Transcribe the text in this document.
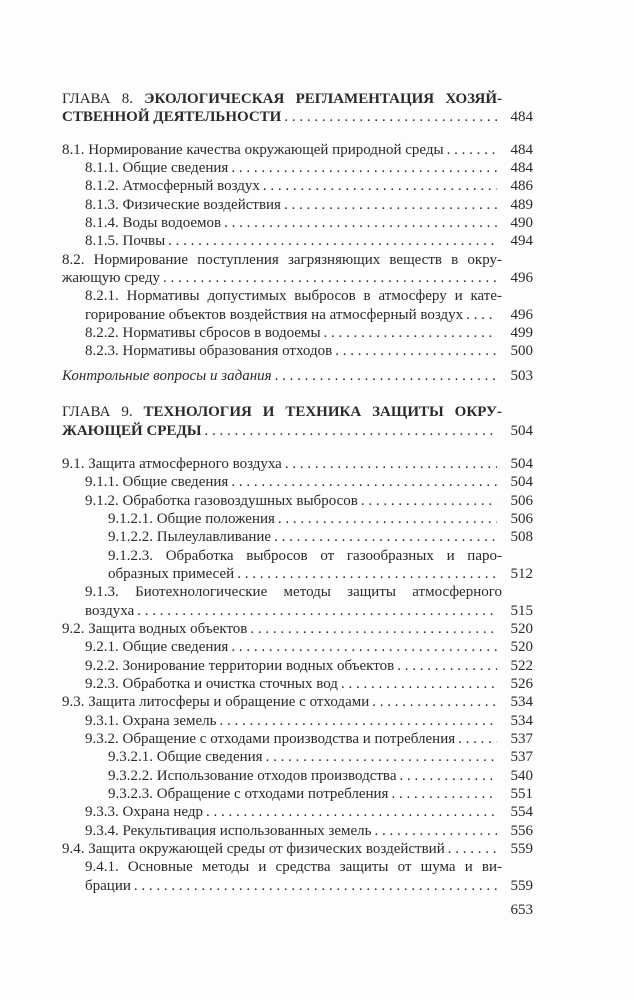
ГЛАВА 8. ЭКОЛОГИЧЕСКАЯ РЕГЛАМЕНТАЦИЯ ХОЗЯЙ-
СТВЕННОЙ ДЕЯТЕЛЬНОСТИ . . .	484
8.1. Нормирование качества окружающей природной среды . . .	484
8.1.1. Общие сведения . . .	484
8.1.2. Атмосферный воздух . . .	486
8.1.3. Физические воздействия . . .	489
8.1.4. Воды водоемов . . .	490
8.1.5. Почвы . . .	494
8.2. Нормирование поступления загрязняющих веществ в окру-
жающую среду . . .	496
8.2.1. Нормативы допустимых выбросов в атмосферу и кате-
горирование объектов воздействия на атмосферный воздух . . .	496
8.2.2. Нормативы сбросов в водоемы . . .	499
8.2.3. Нормативы образования отходов . . .	500
Контрольные вопросы и задания . . .	503
ГЛАВА 9. ТЕХНОЛОГИЯ И ТЕХНИКА ЗАЩИТЫ ОКРУ-
ЖАЮЩЕЙ СРЕДЫ . . .	504
9.1. Защита атмосферного воздуха . . .	504
9.1.1. Общие сведения . . .	504
9.1.2. Обработка газовоздушных выбросов . . .	506
9.1.2.1. Общие положения . . .	506
9.1.2.2. Пылеулавливание . . .	508
9.1.2.3. Обработка выбросов от газообразных и паро-
образных примесей . . .	512
9.1.3. Биотехнологические методы защиты атмосферного
воздуха . . .	515
9.2. Защита водных объектов . . .	520
9.2.1. Общие сведения . . .	520
9.2.2. Зонирование территории водных объектов . . .	522
9.2.3. Обработка и очистка сточных вод . . .	526
9.3. Защита литосферы и обращение с отходами . . .	534
9.3.1. Охрана земель . . .	534
9.3.2. Обращение с отходами производства и потребления . . .	537
9.3.2.1. Общие сведения . . .	537
9.3.2.2. Использование отходов производства . . .	540
9.3.2.3. Обращение с отходами потребления . . .	551
9.3.3. Охрана недр . . .	554
9.3.4. Рекультивация использованных земель . . .	556
9.4. Защита окружающей среды от физических воздействий . . .	559
9.4.1. Основные методы и средства защиты от шума и ви-
брации . . .	559
653
